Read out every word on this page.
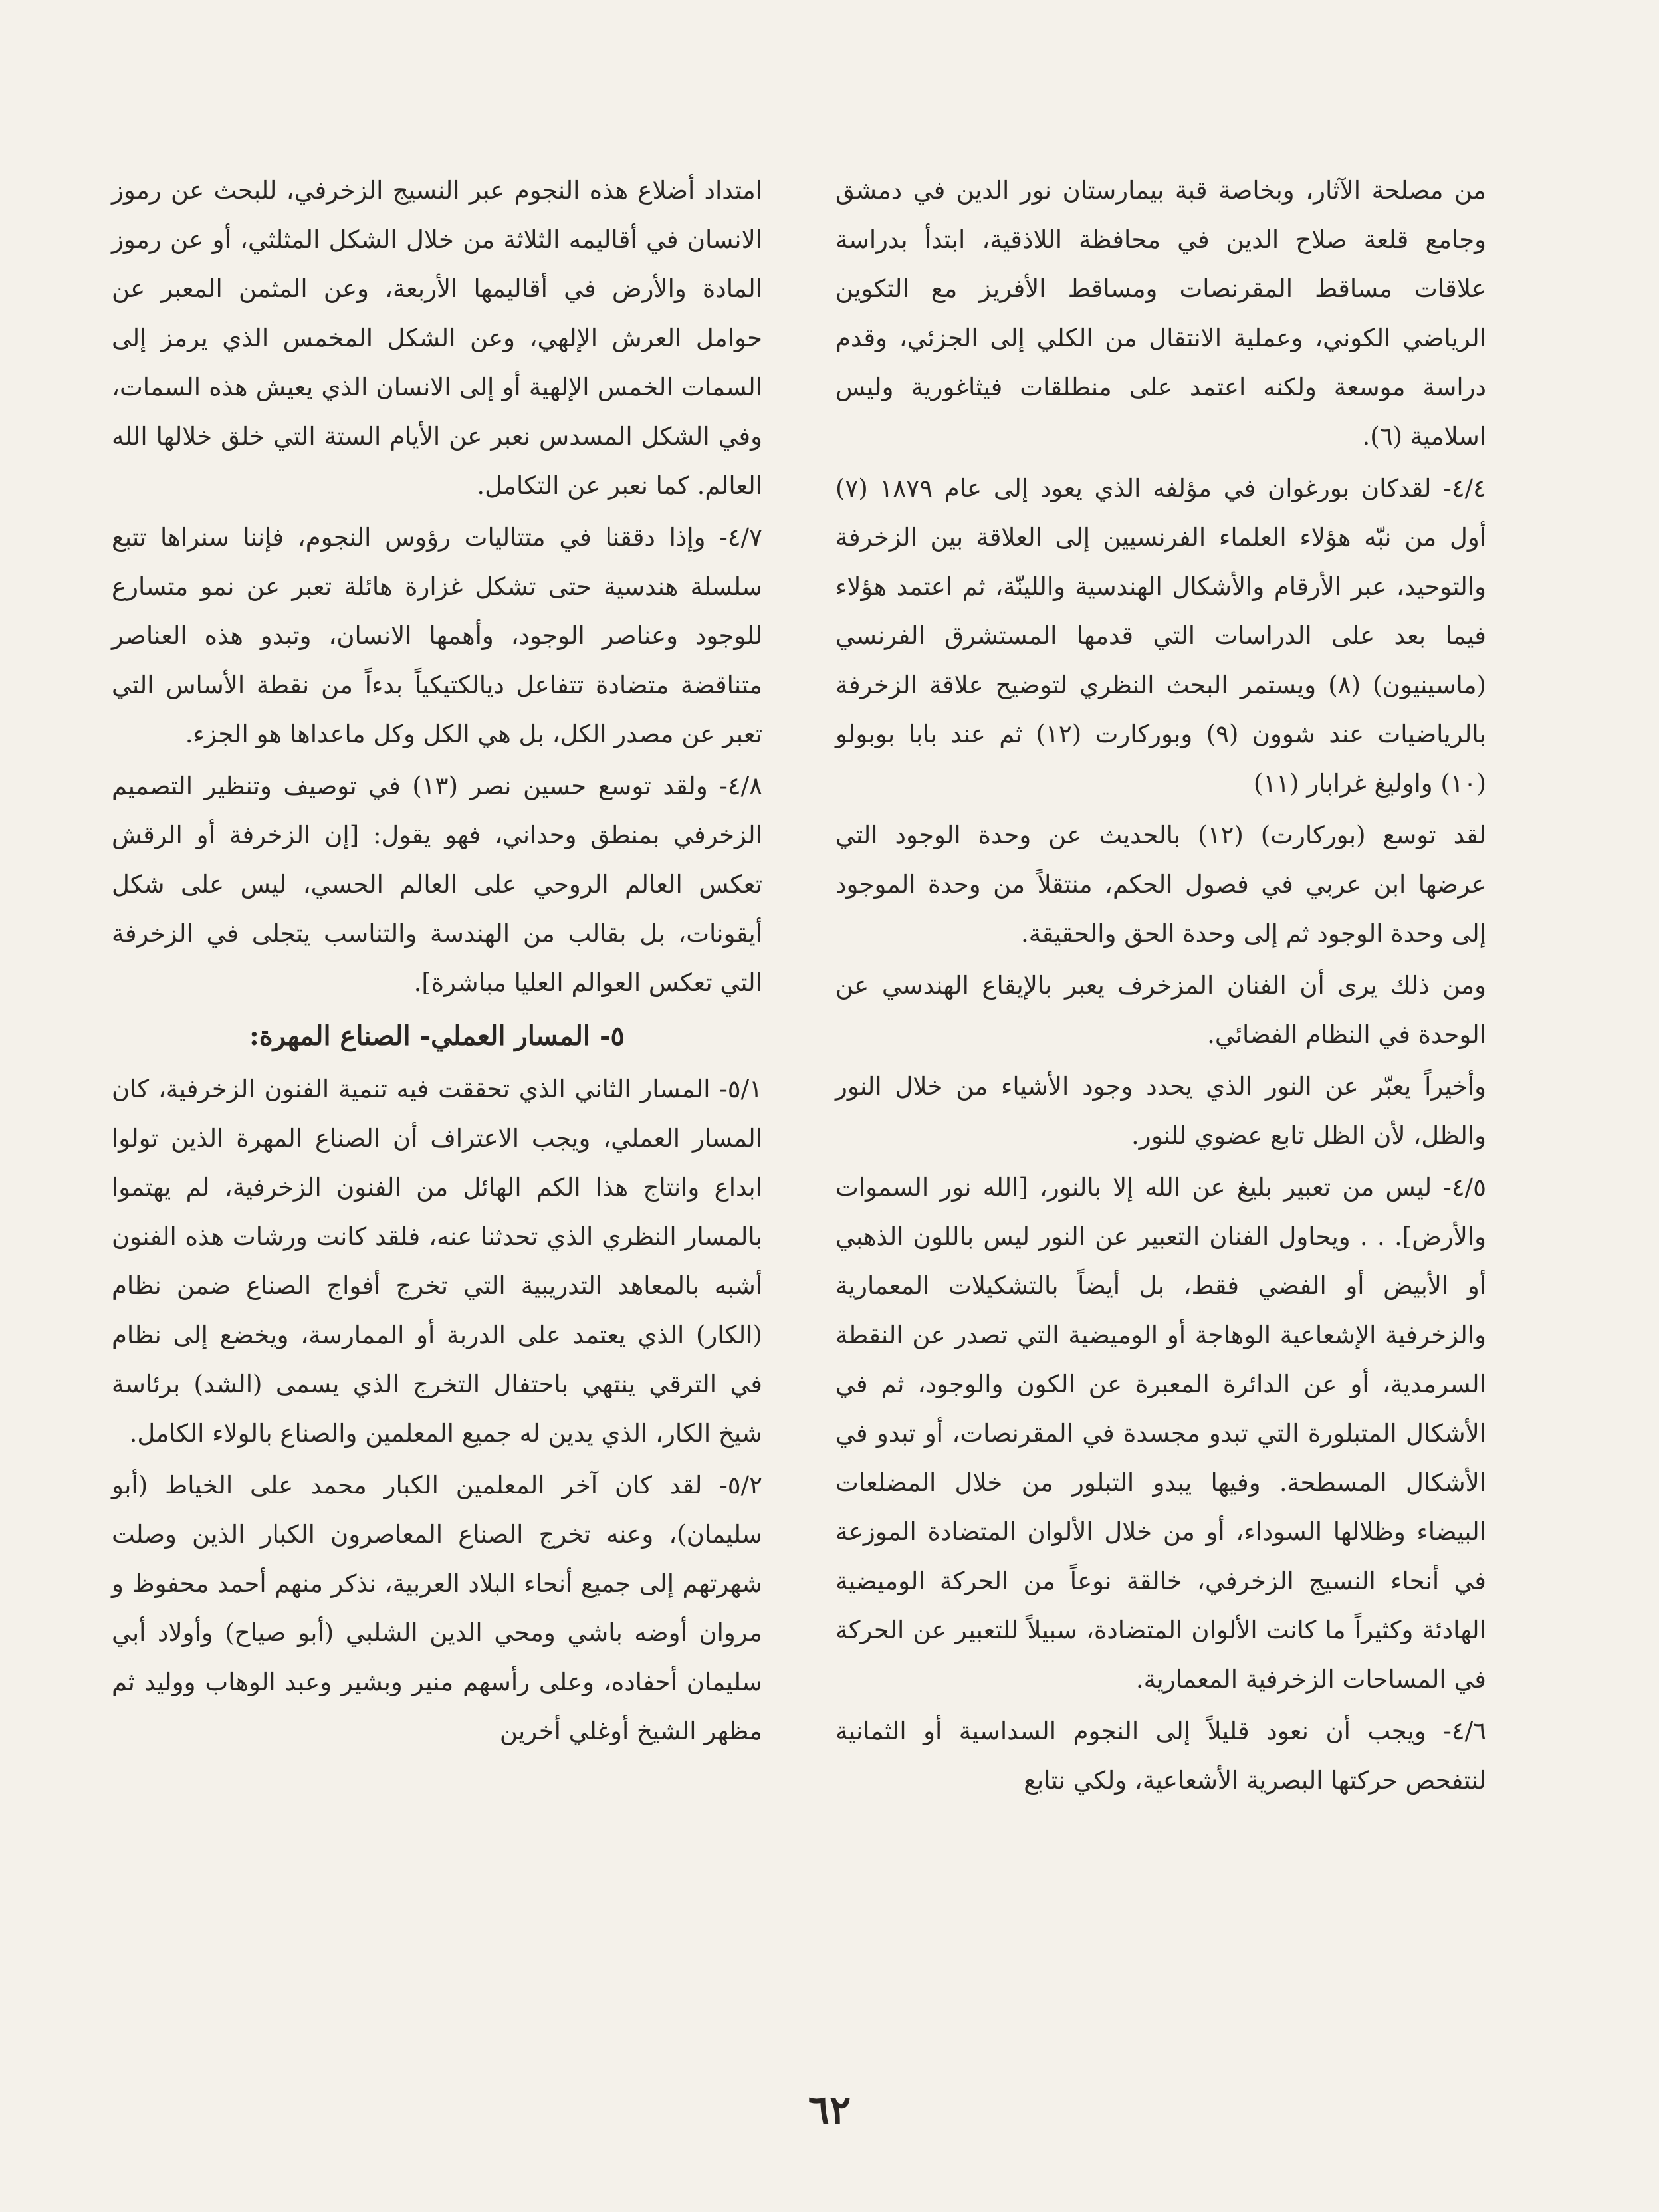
من مصلحة الآثار، وبخاصة قبة بيمارستان نور الدين في دمشق وجامع قلعة صلاح الدين في محافظة اللاذقية، ابتدأ بدراسة علاقات مساقط المقرنصات ومساقط الأفريز مع التكوين الرياضي الكوني، وعملية الانتقال من الكلي إلى الجزئي، وقدم دراسة موسعة ولكنه اعتمد على منطلقات فيثاغورية وليس اسلامية (٦).

٤/٤- لقدكان بورغوان في مؤلفه الذي يعود إلى عام ١٨٧٩ (٧) أول من نبّه هؤلاء العلماء الفرنسيين إلى العلاقة بين الزخرفة والتوحيد، عبر الأرقام والأشكال الهندسية واللينّة، ثم اعتمد هؤلاء فيما بعد على الدراسات التي قدمها المستشرق الفرنسي (ماسينيون) (٨) ويستمر البحث النظري لتوضيح علاقة الزخرفة بالرياضيات عند شوون (٩) وبوركارت (١٢) ثم عند بابا بوبولو (١٠) واوليغ غرابار (١١)

لقد توسع (بوركارت) (١٢) بالحديث عن وحدة الوجود التي عرضها ابن عربي في فصول الحكم، منتقلاً من وحدة الموجود إلى وحدة الوجود ثم إلى وحدة الحق والحقيقة.

ومن ذلك يرى أن الفنان المزخرف يعبر بالإيقاع الهندسي عن الوحدة في النظام الفضائي.

وأخيراً يعبّر عن النور الذي يحدد وجود الأشياء من خلال النور والظل، لأن الظل تابع عضوي للنور.

٤/٥- ليس من تعبير بليغ عن الله إلا بالنور، [الله نور السموات والأرض]. . . ويحاول الفنان التعبير عن النور ليس باللون الذهبي أو الأبيض أو الفضي فقط، بل أيضاً بالتشكيلات المعمارية والزخرفية الإشعاعية الوهاجة أو الوميضية التي تصدر عن النقطة السرمدية، أو عن الدائرة المعبرة عن الكون والوجود، ثم في الأشكال المتبلورة التي تبدو مجسدة في المقرنصات، أو تبدو في الأشكال المسطحة. وفيها يبدو التبلور من خلال المضلعات البيضاء وظلالها السوداء، أو من خلال الألوان المتضادة الموزعة في أنحاء النسيج الزخرفي، خالقة نوعاً من الحركة الوميضية الهادئة وكثيراً ما كانت الألوان المتضادة، سبيلاً للتعبير عن الحركة في المساحات الزخرفية المعمارية.

٤/٦- ويجب أن نعود قليلاً إلى النجوم السداسية أو الثمانية لنتفحص حركتها البصرية الأشعاعية، ولكي نتابع

امتداد أضلاع هذه النجوم عبر النسيج الزخرفي، للبحث عن رموز الانسان في أقاليمه الثلاثة من خلال الشكل المثلثي، أو عن رموز المادة والأرض في أقاليمها الأربعة، وعن المثمن المعبر عن حوامل العرش الإلهي، وعن الشكل المخمس الذي يرمز إلى السمات الخمس الإلهية أو إلى الانسان الذي يعيش هذه السمات، وفي الشكل المسدس نعبر عن الأيام الستة التي خلق خلالها الله العالم. كما نعبر عن التكامل.

٤/٧- وإذا دققنا في متتاليات رؤوس النجوم، فإننا سنراها تتبع سلسلة هندسية حتى تشكل غزارة هائلة تعبر عن نمو متسارع للوجود وعناصر الوجود، وأهمها الانسان، وتبدو هذه العناصر متناقضة متضادة تتفاعل ديالكتيكياً بدءاً من نقطة الأساس التي تعبر عن مصدر الكل، بل هي الكل وكل ماعداها هو الجزء.

٤/٨- ولقد توسع حسين نصر (١٣) في توصيف وتنظير التصميم الزخرفي بمنطق وحداني، فهو يقول: [إن الزخرفة أو الرقش تعكس العالم الروحي على العالم الحسي، ليس على شكل أيقونات، بل بقالب من الهندسة والتناسب يتجلى في الزخرفة التي تعكس العوالم العليا مباشرة].

٥- المسار العملي- الصناع المهرة:

٥/١- المسار الثاني الذي تحققت فيه تنمية الفنون الزخرفية، كان المسار العملي، ويجب الاعتراف أن الصناع المهرة الذين تولوا ابداع وانتاج هذا الكم الهائل من الفنون الزخرفية، لم يهتموا بالمسار النظري الذي تحدثنا عنه، فلقد كانت ورشات هذه الفنون أشبه بالمعاهد التدريبية التي تخرج أفواج الصناع ضمن نظام (الكار) الذي يعتمد على الدربة أو الممارسة، ويخضع إلى نظام في الترقي ينتهي باحتفال التخرج الذي يسمى (الشد) برئاسة شيخ الكار، الذي يدين له جميع المعلمين والصناع بالولاء الكامل.

٥/٢- لقد كان آخر المعلمين الكبار محمد على الخياط (أبو سليمان)، وعنه تخرج الصناع المعاصرون الكبار الذين وصلت شهرتهم إلى جميع أنحاء البلاد العربية، نذكر منهم أحمد محفوظ و مروان أوضه باشي ومحي الدين الشلبي (أبو صياح) وأولاد أبي سليمان أحفاده، وعلى رأسهم منير وبشير وعبد الوهاب ووليد ثم مظهر الشيخ أوغلي أخرين

٦٢
